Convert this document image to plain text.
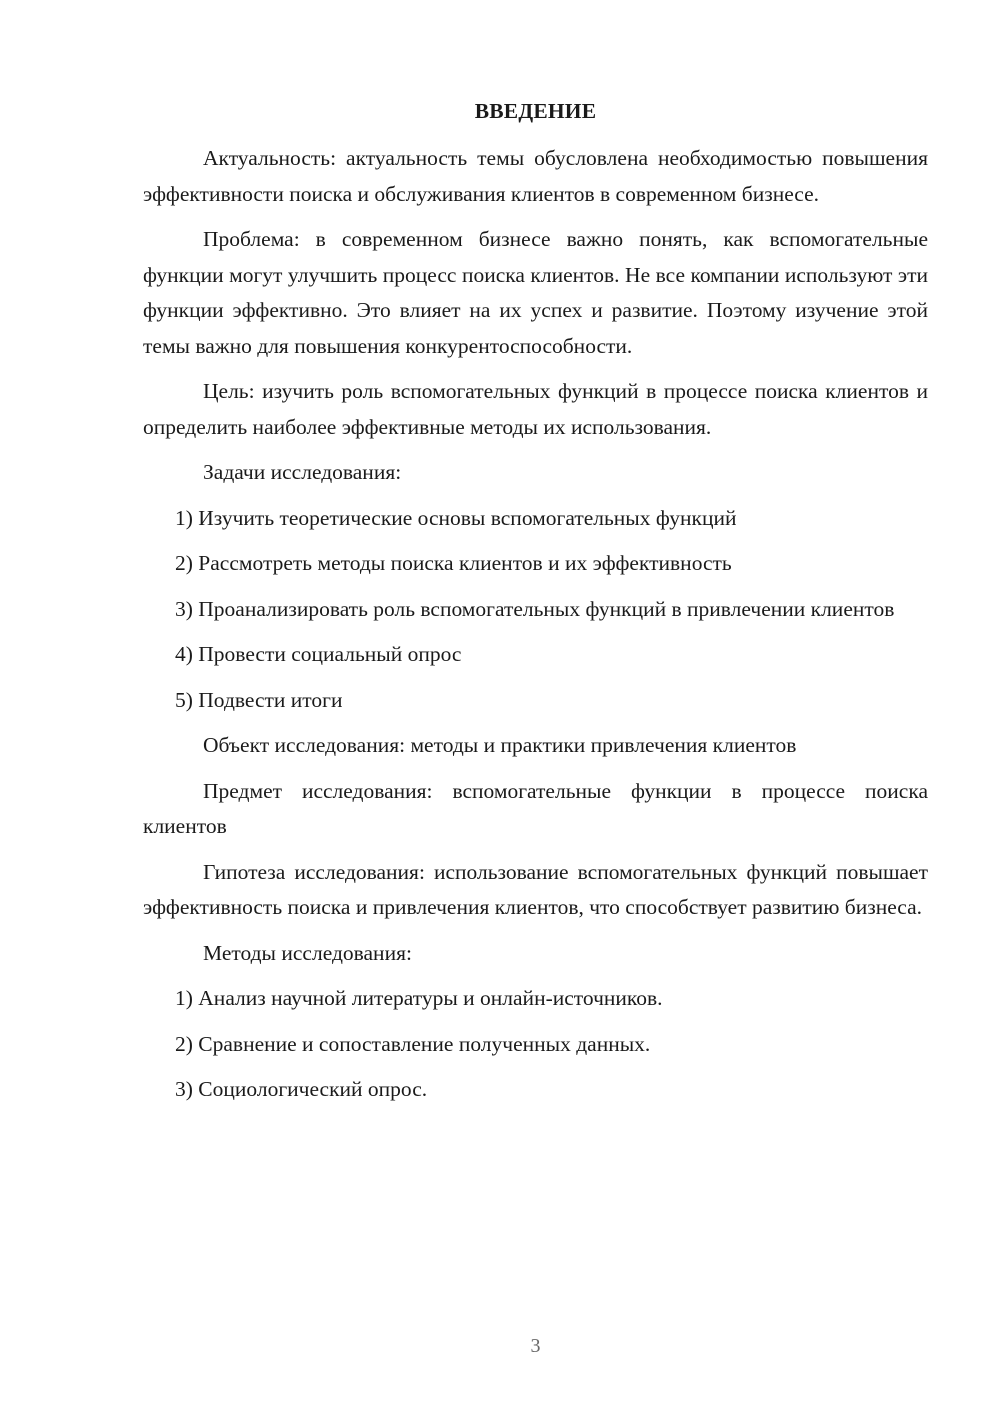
ВВЕДЕНИЕ

Актуальность: актуальность темы обусловлена необходимостью повышения эффективности поиска и обслуживания клиентов в современном бизнесе.

Проблема: в современном бизнесе важно понять, как вспомогательные функции могут улучшить процесс поиска клиентов. Не все компании используют эти функции эффективно. Это влияет на их успех и развитие. Поэтому изучение этой темы важно для повышения конкурентоспособности.

Цель: изучить роль вспомогательных функций в процессе поиска клиентов и определить наиболее эффективные методы их использования.

Задачи исследования:

1) Изучить теоретические основы вспомогательных функций

2) Рассмотреть методы поиска клиентов и их эффективность

3) Проанализировать роль вспомогательных функций в привлечении клиентов

4) Провести социальный опрос

5) Подвести итоги

Объект исследования: методы и практики привлечения клиентов

Предмет исследования: вспомогательные функции в процессе поиска клиентов

Гипотеза исследования: использование вспомогательных функций повышает эффективность поиска и привлечения клиентов, что способствует развитию бизнеса.

Методы исследования:

1) Анализ научной литературы и онлайн-источников.

2) Сравнение и сопоставление полученных данных.

3) Социологический опрос.

3
